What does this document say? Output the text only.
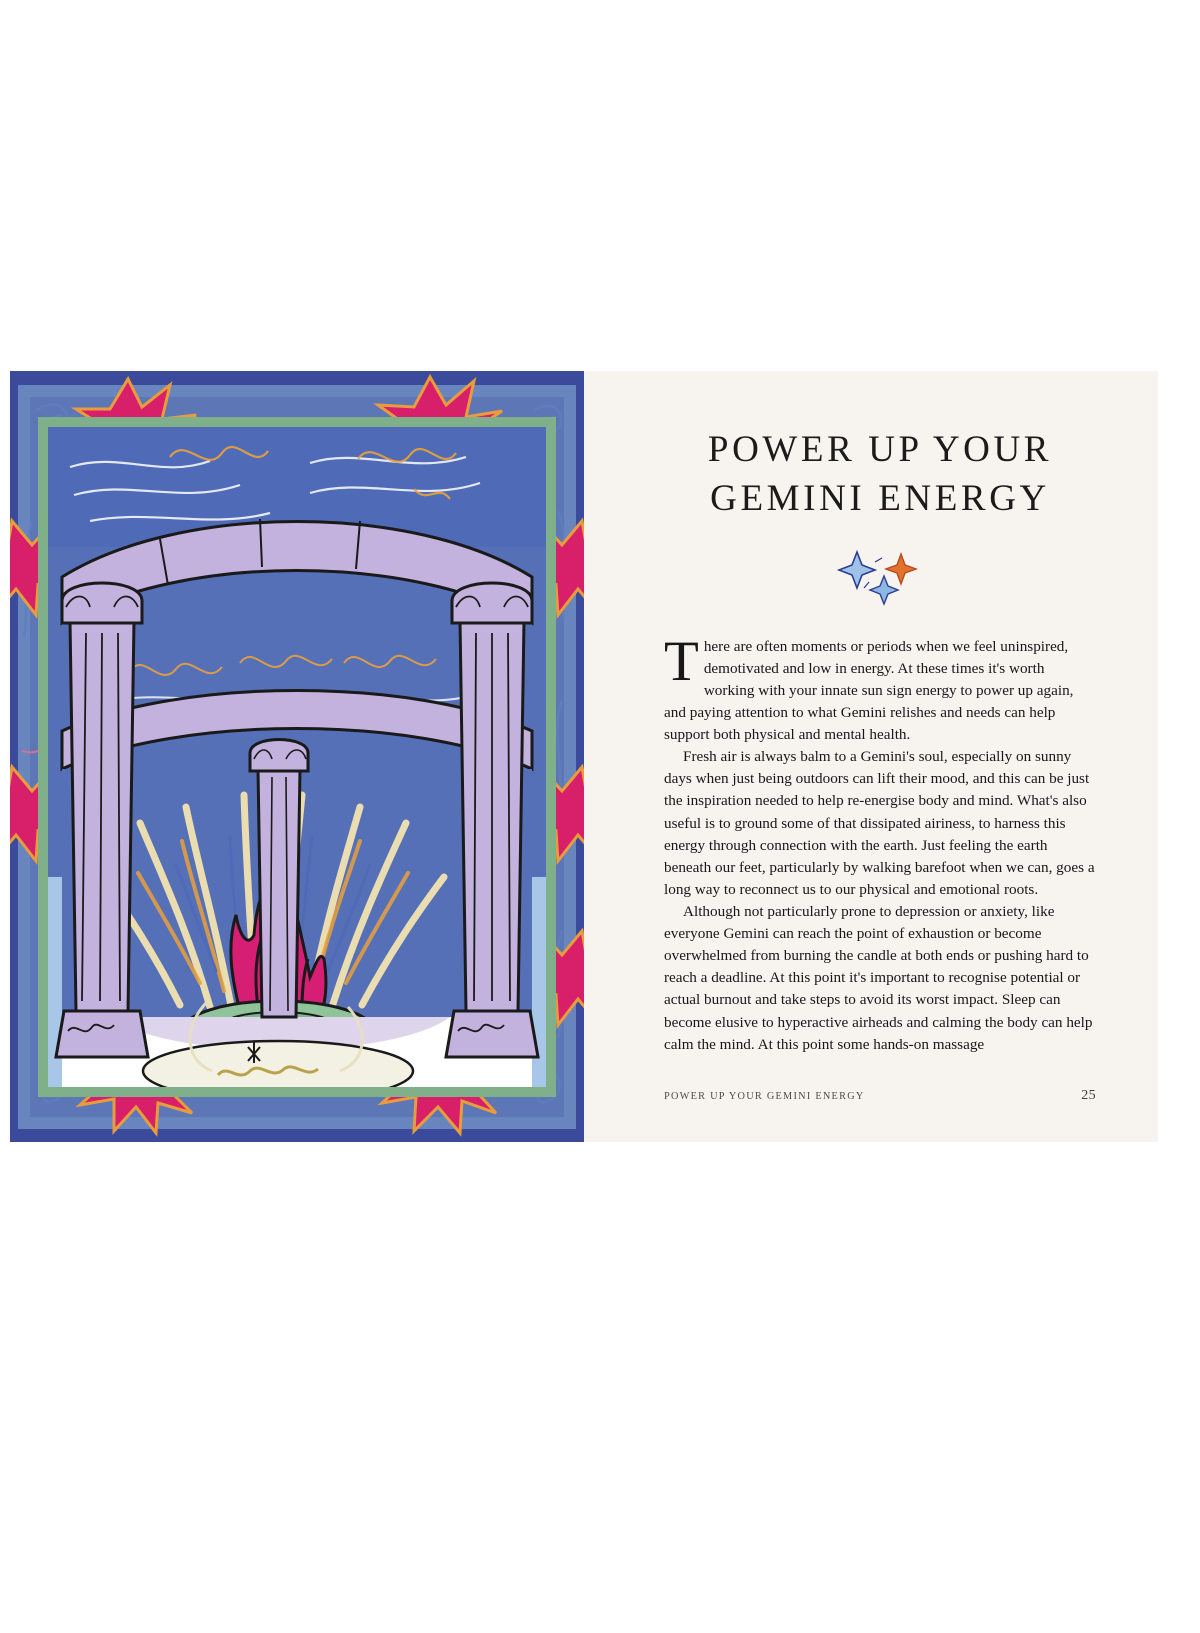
POWER UP YOUR GEMINI ENERGY

There are often moments or periods when we feel uninspired, demotivated and low in energy. At these times it's worth working with your innate sun sign energy to power up again, and paying attention to what Gemini relishes and needs can help support both physical and mental health.

Fresh air is always balm to a Gemini's soul, especially on sunny days when just being outdoors can lift their mood, and this can be just the inspiration needed to help re-energise body and mind. What's also useful is to ground some of that dissipated airiness, to harness this energy through connection with the earth. Just feeling the earth beneath our feet, particularly by walking barefoot when we can, goes a long way to reconnect us to our physical and emotional roots.

Although not particularly prone to depression or anxiety, like everyone Gemini can reach the point of exhaustion or become overwhelmed from burning the candle at both ends or pushing hard to reach a deadline. At this point it's important to recognise potential or actual burnout and take steps to avoid its worst impact. Sleep can become elusive to hyperactive airheads and calming the body can help calm the mind. At this point some hands-on massage

POWER UP YOUR GEMINI ENERGY	25
